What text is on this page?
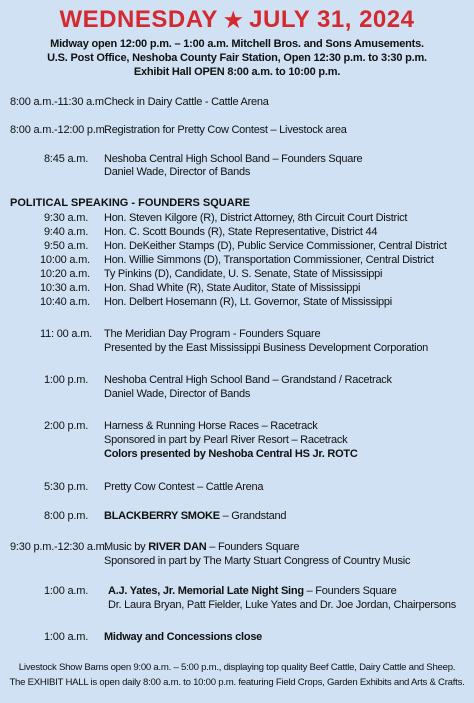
WEDNESDAY ★ JULY 31, 2024
Midway open 12:00 p.m. – 1:00 a.m. Mitchell Bros. and Sons Amusements.
U.S. Post Office, Neshoba County Fair Station, Open 12:30 p.m. to 3:30 p.m.
Exhibit Hall OPEN 8:00 a.m. to 10:00 p.m.
8:00 a.m.-11:30 a.m Check in Dairy Cattle - Cattle Arena
8:00 a.m.-12:00 p.m.
Registration for Pretty Cow Contest – Livestock area
8:45 a.m. Neshoba Central High School Band – Founders Square
Daniel Wade, Director of Bands
POLITICAL SPEAKING - FOUNDERS SQUARE
9:30 a.m. Hon. Steven Kilgore (R), District Attorney, 8th Circuit Court District
9:40 a.m. Hon. C. Scott Bounds (R), State Representative, District 44
9:50 a.m. Hon. DeKeither Stamps (D), Public Service Commissioner, Central District
10:00 a.m. Hon. Willie Simmons (D), Transportation Commissioner, Central District
10:20 a.m. Ty Pinkins (D), Candidate, U. S. Senate, State of Mississippi
10:30 a.m. Hon. Shad White (R), State Auditor, State of Mississippi
10:40 a.m. Hon. Delbert Hosemann (R), Lt. Governor, State of Mississippi
11: 00 a.m. The Meridian Day Program - Founders Square
Presented by the East Mississippi Business Development Corporation
1:00 p.m. Neshoba Central High School Band – Grandstand / Racetrack
Daniel Wade, Director of Bands
2:00 p.m. Harness & Running Horse Races – Racetrack
Sponsored in part by Pearl River Resort – Racetrack
Colors presented by Neshoba Central HS Jr. ROTC
5:30 p.m. Pretty Cow Contest – Cattle Arena
8:00 p.m. BLACKBERRY SMOKE – Grandstand
9:30 p.m.-12:30 a.m.
Music by RIVER DAN – Founders Square
Sponsored in part by The Marty Stuart Congress of Country Music
1:00 a.m. A.J. Yates, Jr. Memorial Late Night Sing – Founders Square
Dr. Laura Bryan, Patt Fielder, Luke Yates and Dr. Joe Jordan, Chairpersons
1:00 a.m. Midway and Concessions close
Livestock Show Barns open 9:00 a.m. – 5:00 p.m., displaying top quality Beef Cattle, Dairy Cattle and Sheep.
The EXHIBIT HALL is open daily 8:00 a.m. to 10:00 p.m. featuring Field Crops, Garden Exhibits and Arts & Crafts.
